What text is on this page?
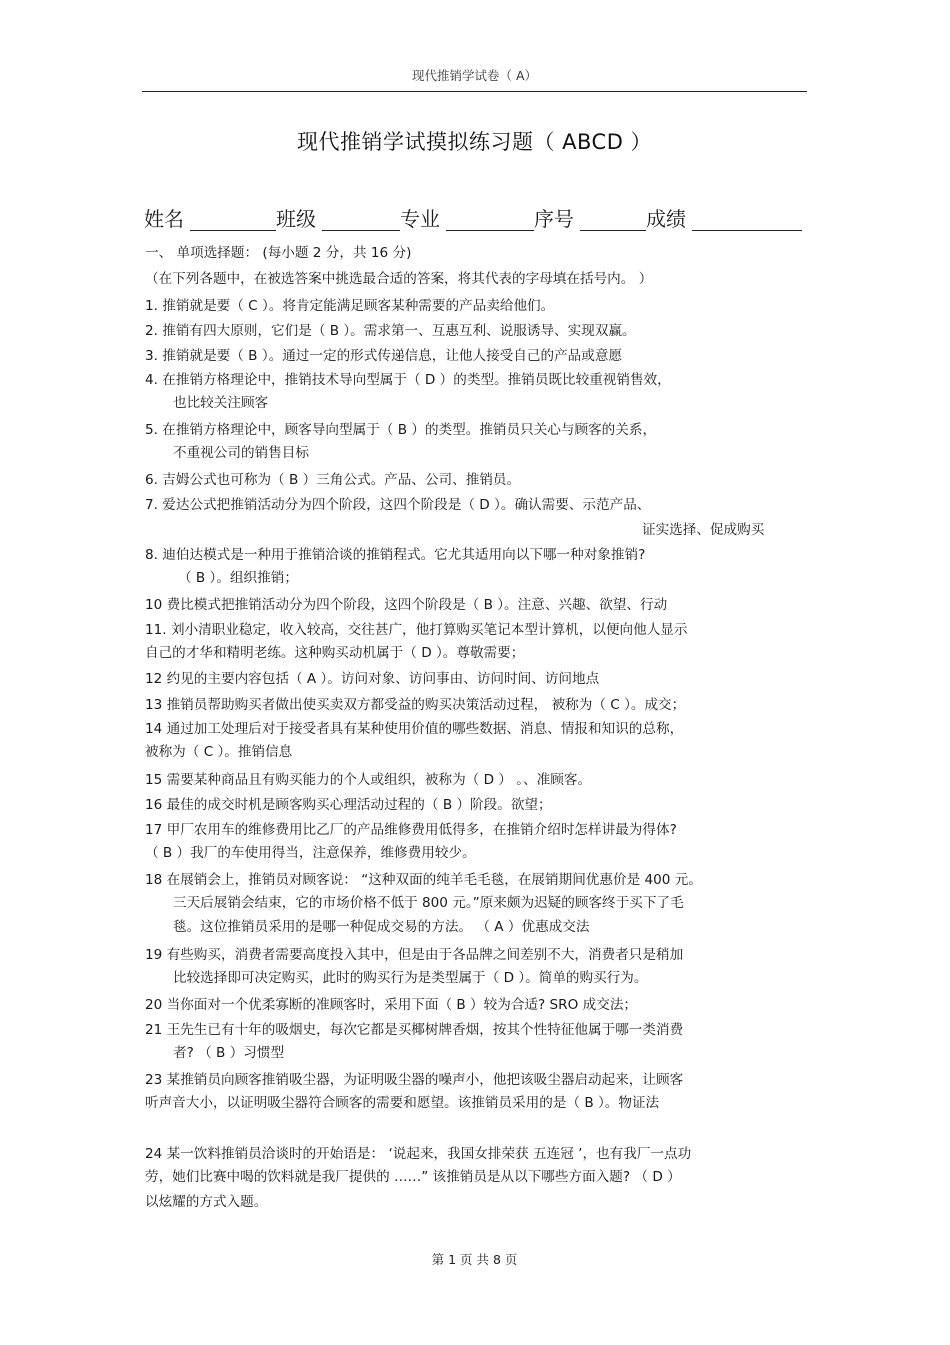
现代推销学试卷（ A）
现代推销学试摸拟练习题（ ABCD ）
姓名	班级	专业	序号	成绩
一、 单项选择题： (每小题 2 分，共 16 分)
（在下列各题中，在被选答案中挑选最合适的答案，将其代表的字母填在括号内。 ）
1. 推销就是要（ C ）。将肯定能满足顾客某种需要的产品卖给他们。
2. 推销有四大原则，它们是（ B ）。需求第一、互惠互利、说服诱导、实现双赢。
3. 推销就是要（ B ）。通过一定的形式传递信息，让他人接受自己的产品或意愿
4. 在推销方格理论中，推销技术导向型属于（ D ）的类型。推销员既比较重视销售效，
也比较关注顾客
5. 在推销方格理论中，顾客导向型属于（ B ）的类型。推销员只关心与顾客的关系，
不重视公司的销售目标
6. 吉姆公式也可称为（ B ）三角公式。产品、公司、推销员。
7. 爱达公式把推销活动分为四个阶段，这四个阶段是（ D ）。确认需要、示范产品、
证实选择、促成购买
8. 迪伯达模式是一种用于推销洽谈的推销程式。它尤其适用向以下哪一种对象推销?
（ B ）。组织推销；
10 费比模式把推销活动分为四个阶段，这四个阶段是（ B ）。注意、兴趣、欲望、行动
11. 刘小清职业稳定，收入较高，交往甚广，他打算购买笔记本型计算机，以便向他人显示
自己的才华和精明老练。这种购买动机属于（ D ）。尊敬需要；
12 约见的主要内容包括（ A ）。访问对象、访问事由、访问时间、访问地点
13 推销员帮助购买者做出使买卖双方都受益的购买决策活动过程， 被称为（ C ）。成交；
14 通过加工处理后对于接受者具有某种使用价值的哪些数据、消息、情报和知识的总称，
被称为（ C ）。推销信息
15 需要某种商品且有购买能力的个人或组织，被称为（ D ） 。、准顾客。
16 最佳的成交时机是顾客购买心理活动过程的（ B ）阶段。欲望；
17 甲厂农用车的维修费用比乙厂的产品维修费用低得多，在推销介绍时怎样讲最为得体?
（ B ）我厂的车使用得当，注意保养，维修费用较少。
18 在展销会上，推销员对顾客说： “这种双面的纯羊毛毛毯，在展销期间优惠价是 400 元。
三天后展销会结束，它的市场价格不低于 800 元。”原来颇为迟疑的顾客终于买下了毛
毯。这位推销员采用的是哪一种促成交易的方法。 （ A ）优惠成交法
19 有些购买，消费者需要高度投入其中，但是由于各品牌之间差别不大，消费者只是稍加
比较选择即可决定购买，此时的购买行为是类型属于（ D ）。简单的购买行为。
20 当你面对一个优柔寡断的准顾客时，采用下面（ B ）较为合适? SRO 成交法；
21 王先生已有十年的吸烟史，每次它都是买椰树牌香烟，按其个性特征他属于哪一类消费
者? （ B ）习惯型
23 某推销员向顾客推销吸尘器，为证明吸尘器的噪声小，他把该吸尘器启动起来，让顾客
听声音大小，以证明吸尘器符合顾客的需要和愿望。该推销员采用的是（ B ）。物证法
24 某一饮料推销员洽谈时的开始语是： ‘说起来，我国女排荣获 五连冠 ’，也有我厂一点功
劳，她们比赛中喝的饮料就是我厂提供的 ……” 该推销员是从以下哪些方面入题? （ D ）
以炫耀的方式入题。
第 1 页 共 8 页
